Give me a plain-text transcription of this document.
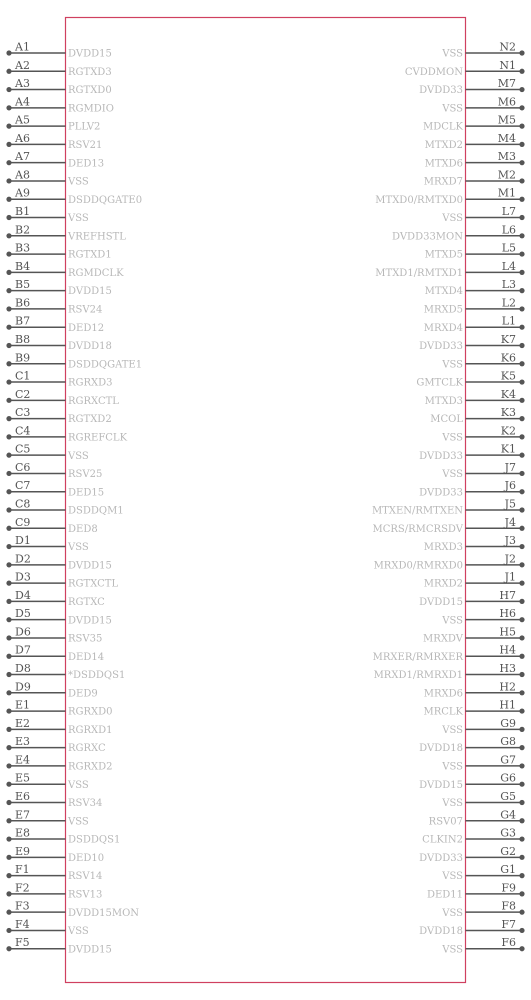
A1
DVDD15
A2
RGTXD3
A3
RGTXD0
A4
RGMDIO
A5
PLLV2
A6
RSV21
A7
DED13
A8
VSS
A9
DSDDQGATE0
B1
VSS
B2
VREFHSTL
B3
RGTXD1
B4
RGMDCLK
B5
DVDD15
B6
RSV24
B7
DED12
B8
DVDD18
B9
DSDDQGATE1
C1
RGRXD3
C2
RGRXCTL
C3
RGTXD2
C4
RGREFCLK
C5
VSS
C6
RSV25
C7
DED15
C8
DSDDQM1
C9
DED8
D1
VSS
D2
DVDD15
D3
RGTXCTL
D4
RGTXC
D5
DVDD15
D6
RSV35
D7
DED14
D8
*DSDDQS1
D9
DED9
E1
RGRXD0
E2
RGRXD1
E3
RGRXC
E4
RGRXD2
E5
VSS
E6
RSV34
E7
VSS
E8
DSDDQS1
E9
DED10
F1
RSV14
F2
RSV13
F3
DVDD15MON
F4
VSS
F5
DVDD15
N2
VSS
N1
CVDDMON
M7
DVDD33
M6
VSS
M5
MDCLK
M4
MTXD2
M3
MTXD6
M2
MRXD7
M1
MTXD0/RMTXD0
L7
VSS
L6
DVDD33MON
L5
MTXD5
L4
MTXD1/RMTXD1
L3
MTXD4
L2
MRXD5
L1
MRXD4
K7
DVDD33
K6
VSS
K5
GMTCLK
K4
MTXD3
K3
MCOL
K2
VSS
K1
DVDD33
J7
VSS
J6
DVDD33
J5
MTXEN/RMTXEN
J4
MCRS/RMCRSDV
J3
MRXD3
J2
MRXD0/RMRXD0
J1
MRXD2
H7
DVDD15
H6
VSS
H5
MRXDV
H4
MRXER/RMRXER
H3
MRXD1/RMRXD1
H2
MRXD6
H1
MRCLK
G9
VSS
G8
DVDD18
G7
VSS
G6
DVDD15
G5
VSS
G4
RSV07
G3
CLKIN2
G2
DVDD33
G1
VSS
F9
DED11
F8
VSS
F7
DVDD18
F6
VSS
